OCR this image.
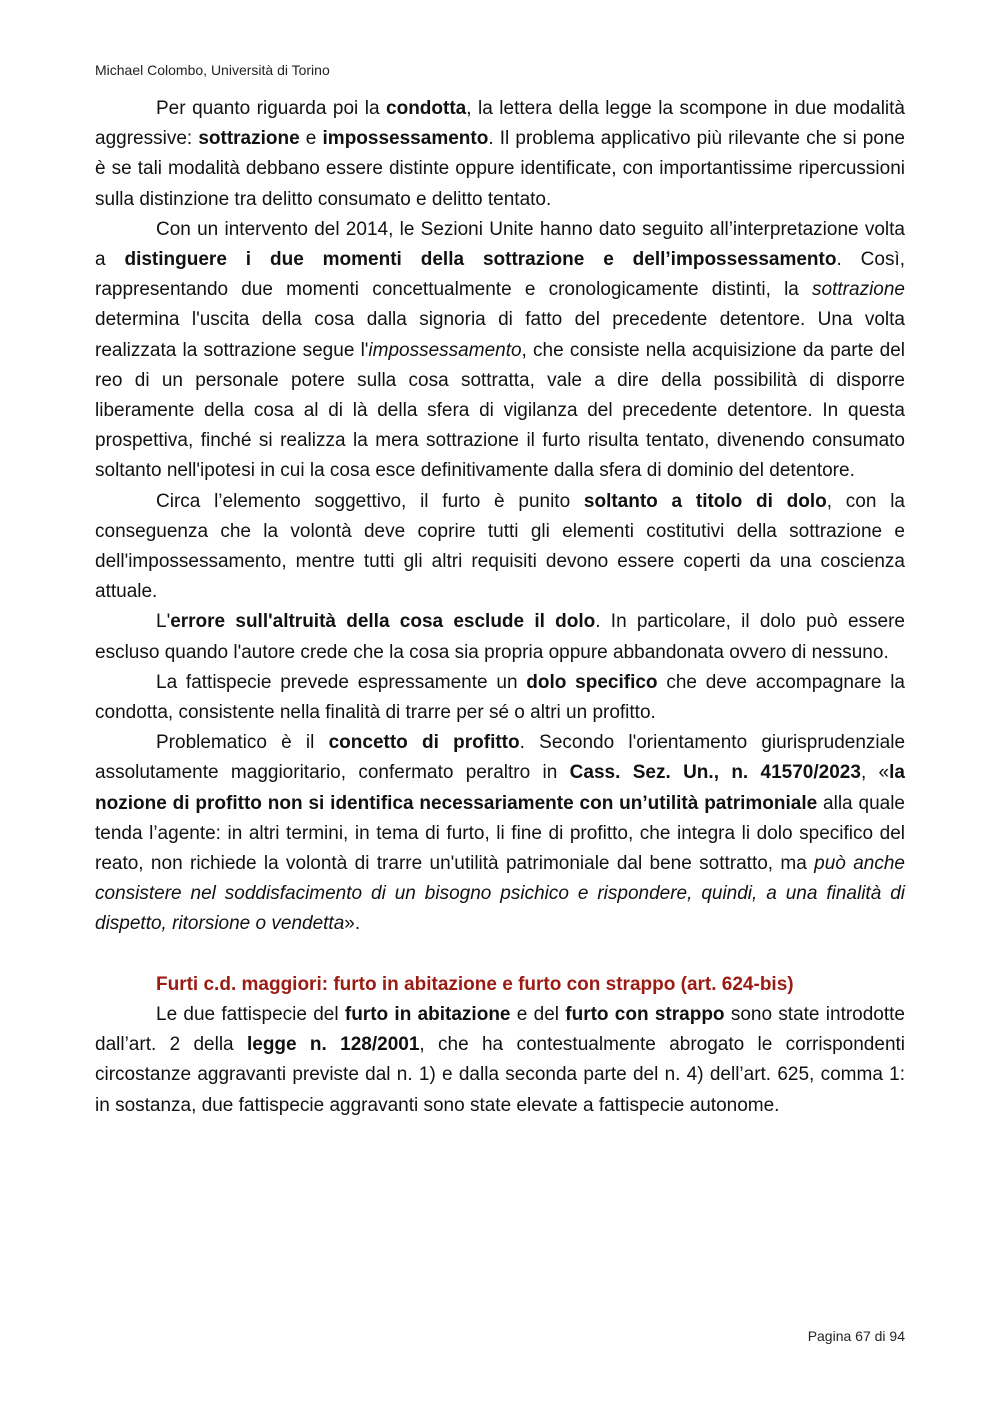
Michael Colombo, Università di Torino

Per quanto riguarda poi la condotta, la lettera della legge la scompone in due modalità aggressive: sottrazione e impossessamento. Il problema applicativo più rilevante che si pone è se tali modalità debbano essere distinte oppure identificate, con importantissime ripercussioni sulla distinzione tra delitto consumato e delitto tentato.

Con un intervento del 2014, le Sezioni Unite hanno dato seguito all’interpretazione volta a distinguere i due momenti della sottrazione e dell’impossessamento. Così, rappresentando due momenti concettualmente e cronologicamente distinti, la sottrazione determina l'uscita della cosa dalla signoria di fatto del precedente detentore. Una volta realizzata la sottrazione segue l'impossessamento, che consiste nella acquisizione da parte del reo di un personale potere sulla cosa sottratta, vale a dire della possibilità di disporre liberamente della cosa al di là della sfera di vigilanza del precedente detentore. In questa prospettiva, finché si realizza la mera sottrazione il furto risulta tentato, divenendo consumato soltanto nell'ipotesi in cui la cosa esce definitivamente dalla sfera di dominio del detentore.

Circa l’elemento soggettivo, il furto è punito soltanto a titolo di dolo, con la conseguenza che la volontà deve coprire tutti gli elementi costitutivi della sottrazione e dell'impossessamento, mentre tutti gli altri requisiti devono essere coperti da una coscienza attuale.

L'errore sull'altruità della cosa esclude il dolo. In particolare, il dolo può essere escluso quando l'autore crede che la cosa sia propria oppure abbandonata ovvero di nessuno.

La fattispecie prevede espressamente un dolo specifico che deve accompagnare la condotta, consistente nella finalità di trarre per sé o altri un profitto.

Problematico è il concetto di profitto. Secondo l'orientamento giurisprudenziale assolutamente maggioritario, confermato peraltro in Cass. Sez. Un., n. 41570/2023, «la nozione di profitto non si identifica necessariamente con un’utilità patrimoniale alla quale tenda l’agente: in altri termini, in tema di furto, li fine di profitto, che integra li dolo specifico del reato, non richiede la volontà di trarre un'utilità patrimoniale dal bene sottratto, ma può anche consistere nel soddisfacimento di un bisogno psichico e rispondere, quindi, a una finalità di dispetto, ritorsione o vendetta».

Furti c.d. maggiori: furto in abitazione e furto con strappo (art. 624-bis)

Le due fattispecie del furto in abitazione e del furto con strappo sono state introdotte dall’art. 2 della legge n. 128/2001, che ha contestualmente abrogato le corrispondenti circostanze aggravanti previste dal n. 1) e dalla seconda parte del n. 4) dell’art. 625, comma 1: in sostanza, due fattispecie aggravanti sono state elevate a fattispecie autonome.

Pagina 67 di 94
